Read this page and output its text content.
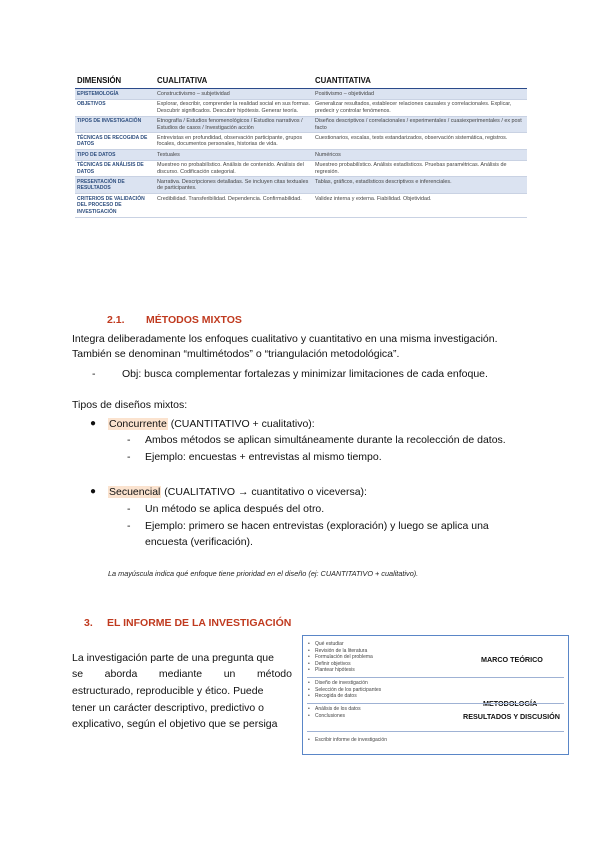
DIMENSIÓN	CUALITATIVA	CUANTITATIVA
EPISTEMOLOGÍA	Constructivismo – subjetividad	Positivismo – objetividad
OBJETIVOS	Explorar, describir, comprender la realidad social en sus formas. Descubrir significados. Descubrir hipótesis. Generar teoría.	Generalizar resultados, establecer relaciones causales y correlacionales. Explicar, predecir y controlar fenómenos.
TIPOS DE INVESTIGACIÓN	Etnografía / Estudios fenomenológicos / Estudios narrativos / Estudios de casos / Investigación acción	Diseños descriptivos / correlacionales / experimentales / cuasiexperimentales / ex post facto
TÉCNICAS DE RECOGIDA DE DATOS	Entrevistas en profundidad, observación participante, grupos focales, documentos personales, historias de vida.	Cuestionarios, escalas, tests estandarizados, observación sistemática, registros.
TIPO DE DATOS	Textuales	Numéricos
TÉCNICAS DE ANÁLISIS DE DATOS	Muestreo no probabilístico. Análisis de contenido. Análisis del discurso. Codificación categorial.	Muestreo probabilístico. Análisis estadísticos. Pruebas paramétricas. Análisis de regresión.
PRESENTACIÓN DE RESULTADOS	Narrativa. Descripciones detalladas. Se incluyen citas textuales de participantes.	Tablas, gráficos, estadísticos descriptivos e inferenciales.
CRITERIOS DE VALIDACIÓN DEL PROCESO DE INVESTIGACIÓN	Credibilidad. Transferibilidad. Dependencia. Confirmabilidad.	Validez interna y externa. Fiabilidad. Objetividad.
2.1. MÉTODOS MIXTOS
Integra deliberadamente los enfoques cualitativo y cuantitativo en una misma investigación.
También se denominan “multimétodos” o “triangulación metodológica”.
-	Obj: busca complementar fortalezas y minimizar limitaciones de cada enfoque.
Tipos de diseños mixtos:
● Concurrente (CUANTITATIVO + cualitativo):
- Ambos métodos se aplican simultáneamente durante la recolección de datos.
- Ejemplo: encuestas + entrevistas al mismo tiempo.
● Secuencial (CUALITATIVO → cuantitativo o viceversa):
- Un método se aplica después del otro.
- Ejemplo: primero se hacen entrevistas (exploración) y luego se aplica una
encuesta (verificación).
La mayúscula indica qué enfoque tiene prioridad en el diseño (ej: CUANTITATIVO + cualitativo).
3. EL INFORME DE LA INVESTIGACIÓN
La investigación parte de una pregunta que
se aborda mediante un método
estructurado, reproducible y ético. Puede
tener un carácter descriptivo, predictivo o
explicativo, según el objetivo que se persiga
• Qué estudiar
• Revisión de la literatura
• Formulación del problema
• Definir objetivos
• Plantear hipótesis
MARCO TEÓRICO
• Diseño de investigación
• Selección de los participantes
• Recogida de datos
METODOLOGÍA
• Análisis de los datos
• Conclusiones	RESULTADOS Y DISCUSIÓN
• Escribir informe de investigación
